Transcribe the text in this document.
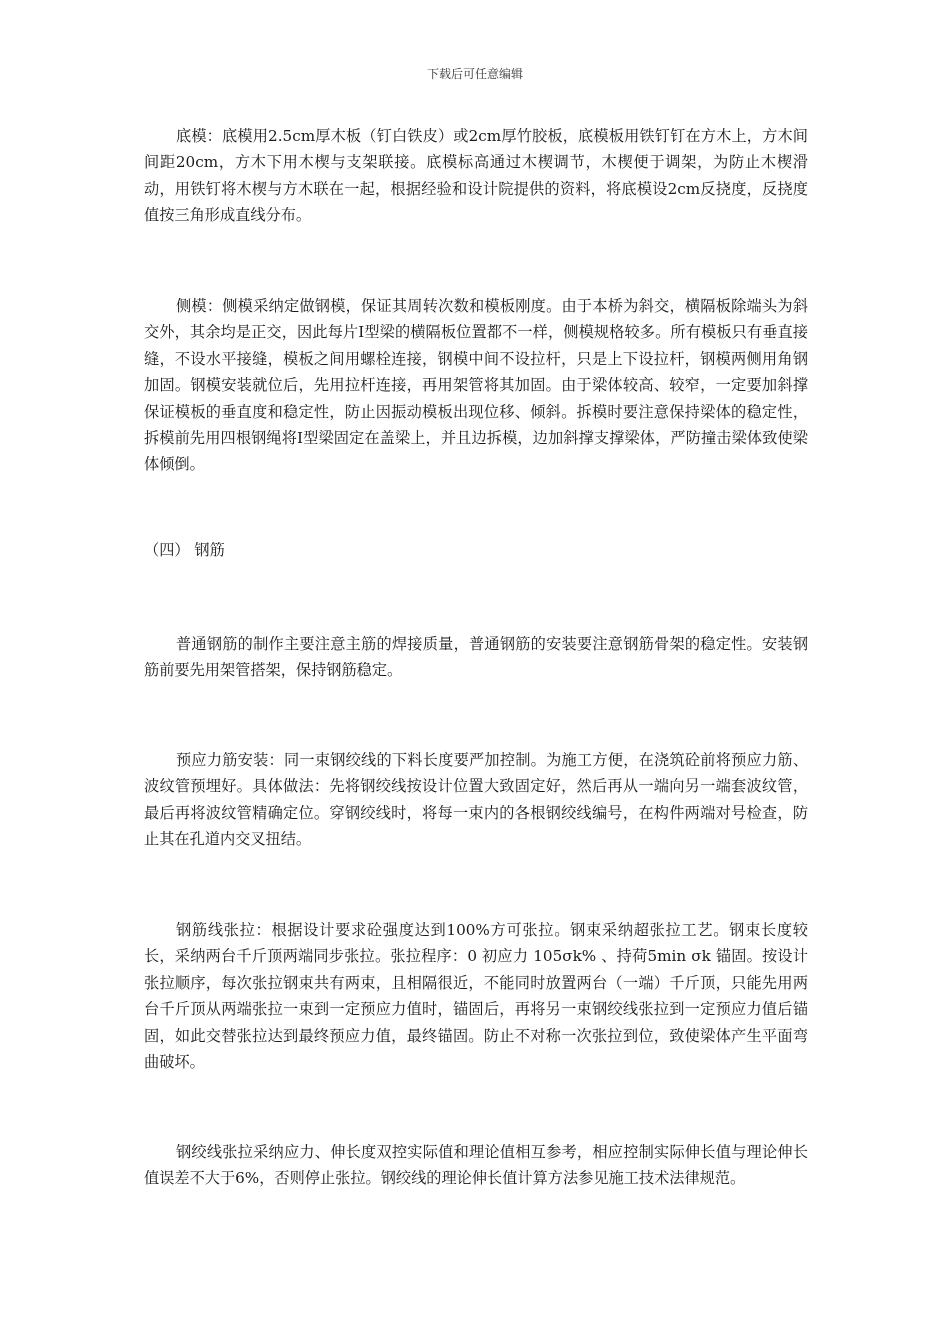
下载后可任意编辑

底模：底模用2.5cm厚木板（钉白铁皮）或2cm厚竹胶板，底模板用铁钉钉在方木上，方木间间距20cm，方木下用木楔与支架联接。底模标高通过木楔调节，木楔便于调架，为防止木楔滑动，用铁钉将木楔与方木联在一起，根据经验和设计院提供的资料，将底模设2cm反挠度，反挠度值按三角形成直线分布。

侧模：侧模采纳定做钢模，保证其周转次数和模板刚度。由于本桥为斜交，横隔板除端头为斜交外，其余均是正交，因此每片Ⅰ型梁的横隔板位置都不一样，侧模规格较多。所有模板只有垂直接缝，不设水平接缝，模板之间用螺栓连接，钢模中间不设拉杆，只是上下设拉杆，钢模两侧用角钢加固。钢模安装就位后，先用拉杆连接，再用架管将其加固。由于梁体较高、较窄，一定要加斜撑保证模板的垂直度和稳定性，防止因振动模板出现位移、倾斜。拆模时要注意保持梁体的稳定性，拆模前先用四根钢绳将Ⅰ型梁固定在盖梁上，并且边拆模，边加斜撑支撑梁体，严防撞击梁体致使梁体倾倒。

（四） 钢筋

普通钢筋的制作主要注意主筋的焊接质量，普通钢筋的安装要注意钢筋骨架的稳定性。安装钢筋前要先用架管搭架，保持钢筋稳定。

预应力筋安装：同一束钢绞线的下料长度要严加控制。为施工方便，在浇筑砼前将预应力筋、波纹管预埋好。具体做法：先将钢绞线按设计位置大致固定好，然后再从一端向另一端套波纹管，最后再将波纹管精确定位。穿钢绞线时，将每一束内的各根钢绞线编号，在构件两端对号检查，防止其在孔道内交叉扭结。

钢筋线张拉：根据设计要求砼强度达到100%方可张拉。钢束采纳超张拉工艺。钢束长度较长，采纳两台千斤顶两端同步张拉。张拉程序：0 初应力 105σk% 、持荷5min σk 锚固。按设计张拉顺序，每次张拉钢束共有两束，且相隔很近，不能同时放置两台（一端）千斤顶，只能先用两台千斤顶从两端张拉一束到一定预应力值时，锚固后，再将另一束钢绞线张拉到一定预应力值后锚固，如此交替张拉达到最终预应力值，最终锚固。防止不对称一次张拉到位，致使梁体产生平面弯曲破坏。

钢绞线张拉采纳应力、伸长度双控实际值和理论值相互参考，相应控制实际伸长值与理论伸长值误差不大于6%，否则停止张拉。钢绞线的理论伸长值计算方法参见施工技术法律规范。
